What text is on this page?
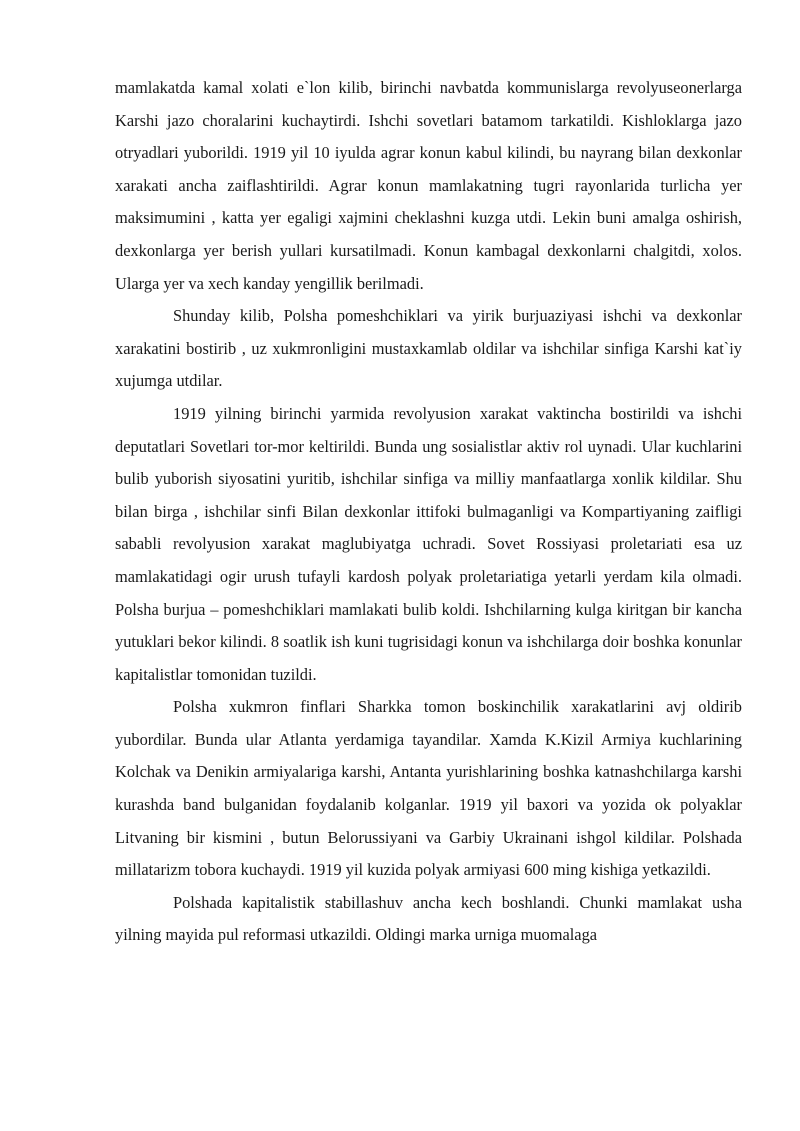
mamlakatda kamal xolati e`lon kilib, birinchi navbatda kommunislarga revolyuseonerlarga Karshi jazo choralarini kuchaytirdi. Ishchi sovetlari batamom tarkatildi. Kishloklarga jazo otryadlari yuborildi. 1919 yil 10 iyulda agrar konun kabul kilindi, bu nayrang bilan dexkonlar xarakati ancha zaiflashtirildi. Agrar konun mamlakatning tugri rayonlarida turlicha yer maksimumini , katta yer egaligi xajmini cheklashni kuzga utdi. Lekin buni amalga oshirish, dexkonlarga yer berish yullari kursatilmadi. Konun kambagal dexkonlarni chalgitdi, xolos. Ularga yer va xech kanday yengillik berilmadi.

Shunday kilib, Polsha pomeshchiklari va yirik burjuaziyasi ishchi va dexkonlar xarakatini bostirib , uz xukmronligini mustaxkamlab oldilar va ishchilar sinfiga Karshi kat`iy xujumga utdilar.

1919 yilning birinchi yarmida revolyusion xarakat vaktincha bostirildi va ishchi deputatlari Sovetlari tor-mor keltirildi. Bunda ung sosialistlar aktiv rol uynadi. Ular kuchlarini bulib yuborish siyosatini yuritib, ishchilar sinfiga va milliy manfaatlarga xonlik kildilar. Shu bilan birga , ishchilar sinfi Bilan dexkonlar ittifoki bulmaganligi va Kompartiyaning zaifligi sababli revolyusion xarakat maglubiyatga uchradi. Sovet Rossiyasi proletariati esa uz mamlakatidagi ogir urush tufayli kardosh polyak proletariatiga yetarli yerdam kila olmadi. Polsha burjua – pomeshchiklari mamlakati bulib koldi. Ishchilarning kulga kiritgan bir kancha yutuklari bekor kilindi. 8 soatlik ish kuni tugrisidagi konun va ishchilarga doir boshka konunlar kapitalistlar tomonidan tuzildi.

Polsha xukmron finflari Sharkka tomon boskinchilik xarakatlarini avj oldirib yubordilar. Bunda ular Atlanta yerdamiga tayandilar. Xamda K.Kizil Armiya kuchlarining Kolchak va Denikin armiyalariga karshi, Antanta yurishlarining boshka katnashchilarga karshi kurashda band bulganidan foydalanib kolganlar. 1919 yil baxori va yozida ok polyaklar Litvaning bir kismini , butun Belorussiyani va Garbiy Ukrainani ishgol kildilar. Polshada millatarizm tobora kuchaydi. 1919 yil kuzida polyak armiyasi 600 ming kishiga yetkazildi.

Polshada kapitalistik stabillashuv ancha kech boshlandi. Chunki mamlakat usha yilning mayida pul reformasi utkazildi. Oldingi marka urniga muomalaga
